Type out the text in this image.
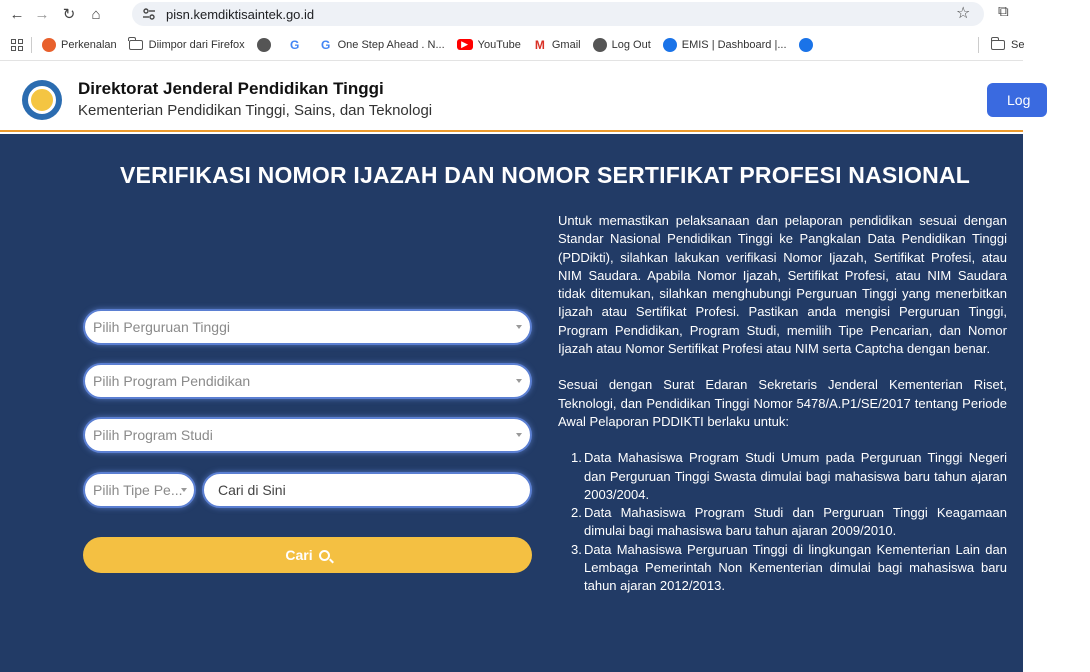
← → ↻	⌂	pisn.kemdiktisaintek.go.id	☆ ⧉
Perkenalan	Diimpor dari Firefox	G G One Step Ahead . N...	▶ YouTube M Gmail	Log Out	EMIS | Dashboard |...	Se
Direktorat Jenderal Pendidikan Tinggi
Kementerian Pendidikan Tinggi, Sains, dan Teknologi
Log
VERIFIKASI NOMOR IJAZAH DAN NOMOR SERTIFIKAT PROFESI NASIONAL
Pilih Perguruan Tinggi
Pilih Program Pendidikan
Pilih Program Studi
Pilih Tipe Pe...	Cari di Sini
Cari

Untuk memastikan pelaksanaan dan pelaporan pendidikan sesuai dengan Standar Nasional Pendidikan Tinggi ke Pangkalan Data Pendidikan Tinggi (PDDikti), silahkan lakukan verifikasi Nomor Ijazah, Sertifikat Profesi, atau NIM Saudara. Apabila Nomor Ijazah, Sertifikat Profesi, atau NIM Saudara tidak ditemukan, silahkan menghubungi Perguruan Tinggi yang menerbitkan Ijazah atau Sertifikat Profesi. Pastikan anda mengisi Perguruan Tinggi, Program Pendidikan, Program Studi, memilih Tipe Pencarian, dan Nomor Ijazah atau Nomor Sertifikat Profesi atau NIM serta Captcha dengan benar.

Sesuai dengan Surat Edaran Sekretaris Jenderal Kementerian Riset, Teknologi, dan Pendidikan Tinggi Nomor 5478/A.P1/SE/2017 tentang Periode Awal Pelaporan PDDIKTI berlaku untuk:

1. Data Mahasiswa Program Studi Umum pada Perguruan Tinggi Negeri dan Perguruan Tinggi Swasta dimulai bagi mahasiswa baru tahun ajaran 2003/2004.
2. Data Mahasiswa Program Studi dan Perguruan Tinggi Keagamaan dimulai bagi mahasiswa baru tahun ajaran 2009/2010.
3. Data Mahasiswa Perguruan Tinggi di lingkungan Kementerian Lain dan Lembaga Pemerintah Non Kementerian dimulai bagi mahasiswa baru tahun ajaran 2012/2013.
